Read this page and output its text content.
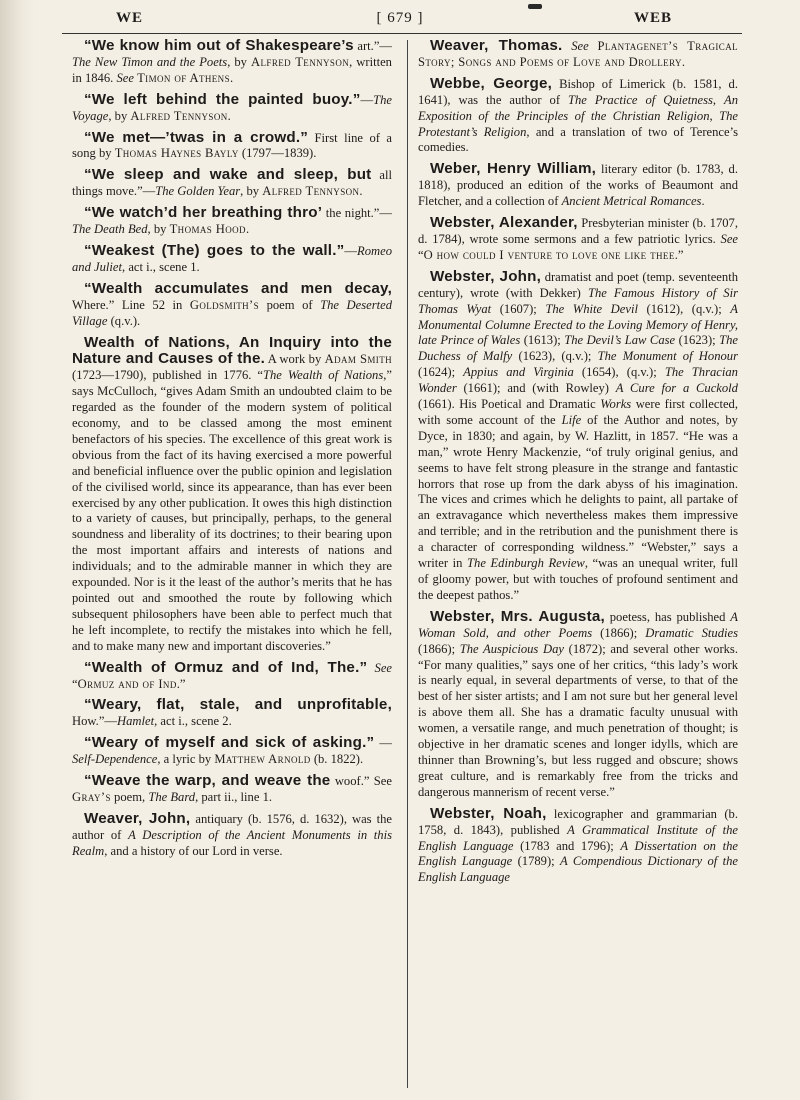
WE	[ 679 ]	WEB

“We know him out of Shakespeare’s art.”—The New Timon and the Poets, by Alfred Tennyson, written in 1846. See Timon of Athens.

“We left behind the painted buoy.”—The Voyage, by Alfred Tennyson.

“We met—’twas in a crowd.” First line of a song by Thomas Haynes Bayly (1797—1839).

“We sleep and wake and sleep, but all things move.”—The Golden Year, by Alfred Tennyson.

“We watch’d her breathing thro’ the night.”—The Death Bed, by Thomas Hood.

“Weakest (The) goes to the wall.”—Romeo and Juliet, act i., scene 1.

“Wealth accumulates and men decay, Where.” Line 52 in Goldsmith’s poem of The Deserted Village (q.v.).

Wealth of Nations, An Inquiry into the Nature and Causes of the. A work by Adam Smith (1723—1790), published in 1776. “The Wealth of Nations,” says McCulloch, “gives Adam Smith an undoubted claim to be regarded as the founder of the modern system of political economy, and to be classed among the most eminent benefactors of his species. The excellence of this great work is obvious from the fact of its having exercised a more powerful and beneficial influence over the public opinion and legislation of the civilised world, since its appearance, than has ever been exercised by any other publication. It owes this high distinction to a variety of causes, but principally, perhaps, to the general soundness and liberality of its doctrines; to their bearing upon the most important affairs and interests of nations and individuals; and to the admirable manner in which they are expounded. Nor is it the least of the author’s merits that he has pointed out and smoothed the route by following which subsequent philosophers have been able to perfect much that he left incomplete, to rectify the mistakes into which he fell, and to make many new and important discoveries.”

“Wealth of Ormuz and of Ind, The.” See “Ormuz and of Ind.”

“Weary, flat, stale, and unprofitable, How.”—Hamlet, act i., scene 2.

“Weary of myself and sick of asking.” —Self-Dependence, a lyric by Matthew Arnold (b. 1822).

“Weave the warp, and weave the woof.” See Gray’s poem, The Bard, part ii., line 1.

Weaver, John, antiquary (b. 1576, d. 1632), was the author of A Description of the Ancient Monuments in this Realm, and a history of our Lord in verse.

Weaver, Thomas. See Plantagenet’s Tragical Story; Songs and Poems of Love and Drollery.

Webbe, George, Bishop of Limerick (b. 1581, d. 1641), was the author of The Practice of Quietness, An Exposition of the Principles of the Christian Religion, The Protestant’s Religion, and a translation of two of Terence’s comedies.

Weber, Henry William, literary editor (b. 1783, d. 1818), produced an edition of the works of Beaumont and Fletcher, and a collection of Ancient Metrical Romances.

Webster, Alexander, Presbyterian minister (b. 1707, d. 1784), wrote some sermons and a few patriotic lyrics. See “O how could I venture to love one like thee.”

Webster, John, dramatist and poet (temp. seventeenth century), wrote (with Dekker) The Famous History of Sir Thomas Wyat (1607); The White Devil (1612), (q.v.); A Monumental Columne Erected to the Loving Memory of Henry, late Prince of Wales (1613); The Devil’s Law Case (1623); The Duchess of Malfy (1623), (q.v.); The Monument of Honour (1624); Appius and Virginia (1654), (q.v.); The Thracian Wonder (1661); and (with Rowley) A Cure for a Cuckold (1661). His Poetical and Dramatic Works were first collected, with some account of the Life of the Author and notes, by Dyce, in 1830; and again, by W. Hazlitt, in 1857. “He was a man,” wrote Henry Mackenzie, “of truly original genius, and seems to have felt strong pleasure in the strange and fantastic horrors that rose up from the dark abyss of his imagination. The vices and crimes which he delights to paint, all partake of an extravagance which nevertheless makes them impressive and terrible; and in the retribution and the punishment there is a character of corresponding wildness.” “Webster,” says a writer in The Edinburgh Review, “was an unequal writer, full of gloomy power, but with touches of profound sentiment and the deepest pathos.”

Webster, Mrs. Augusta, poetess, has published A Woman Sold, and other Poems (1866); Dramatic Studies (1866); The Auspicious Day (1872); and several other works. “For many qualities,” says one of her critics, “this lady’s work is nearly equal, in several departments of verse, to that of the best of her sister artists; and I am not sure but her general level is above them all. She has a dramatic faculty unusual with women, a versatile range, and much penetration of thought; is objective in her dramatic scenes and longer idylls, which are thinner than Browning’s, but less rugged and obscure; shows great culture, and is remarkably free from the tricks and dangerous mannerism of recent verse.”

Webster, Noah, lexicographer and grammarian (b. 1758, d. 1843), published A Grammatical Institute of the English Language (1783 and 1796); A Dissertation on the English Language (1789); A Compendious Dictionary of the English Language
